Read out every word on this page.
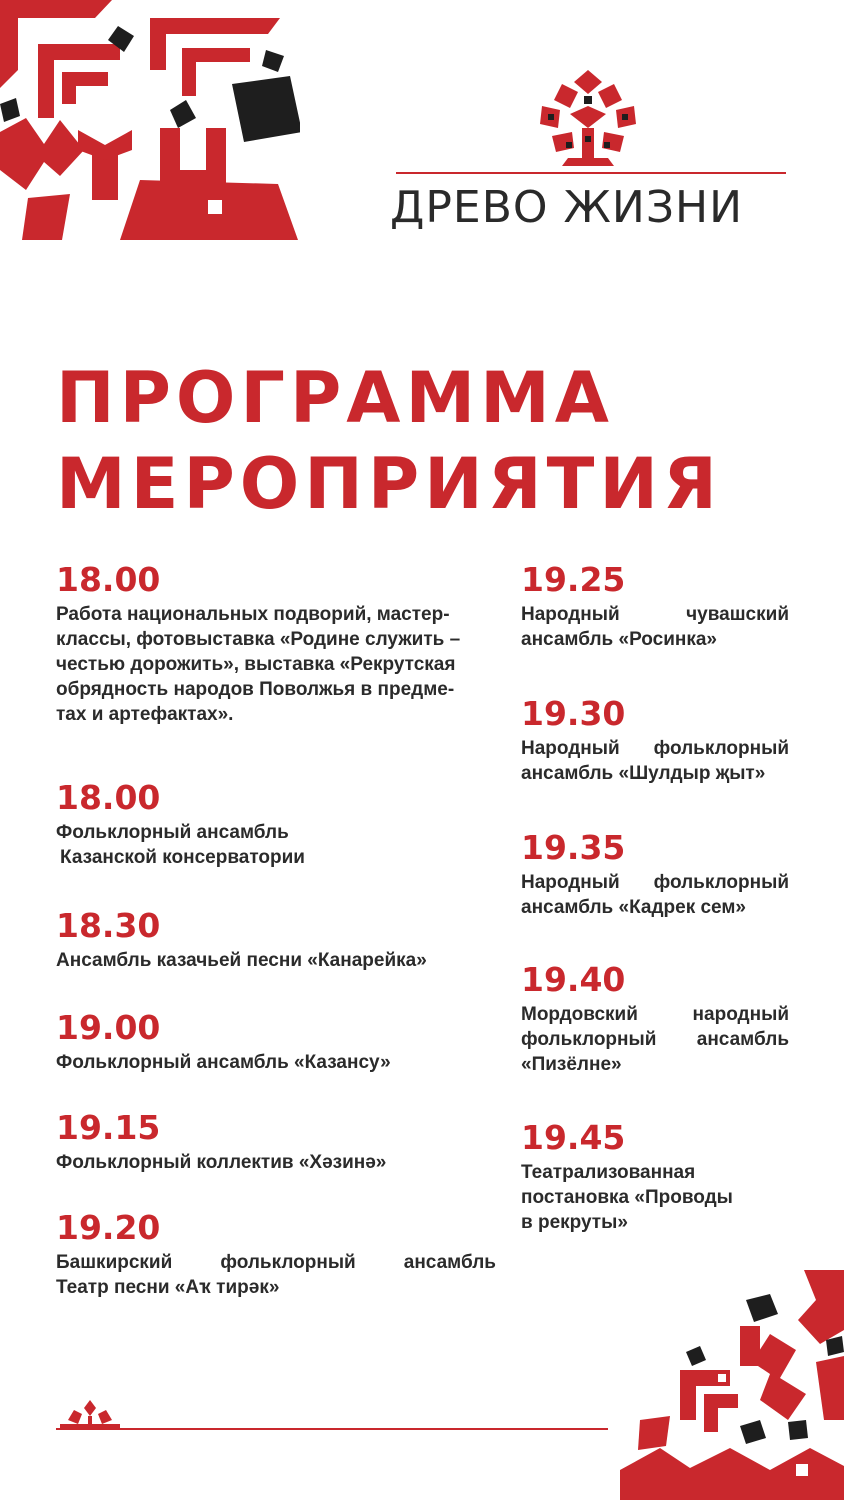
ДРЕВО ЖИЗНИ
ПРОГРАММА
МЕРОПРИЯТИЯ
18.00
Работа национальных подворий, мастер-
классы, фотовыставка «Родине служить –
честью дорожить», выставка «Рекрутская
обрядность народов Поволжья в предме-
тах и артефактах».
18.00
Фольклорный ансамбль
Казанской консерватории
18.30
Ансамбль казачьей песни «Канарейка»
19.00
Фольклорный ансамбль «Казансу»
19.15
Фольклорный коллектив «Хәзинә»
19.20
Башкирский фольклорный ансамбль
Театр песни «Аҡ тирәк»
19.25
Народный чувашский
ансамбль «Росинка»
19.30
Народный фольклорный
ансамбль «Шулдыр җыт»
19.35
Народный фольклорный
ансамбль «Кадрек сем»
19.40
Мордовский народный
фольклорный ансамбль
«Пизёлне»
19.45
Театрализованная
постановка «Проводы
в рекруты»
